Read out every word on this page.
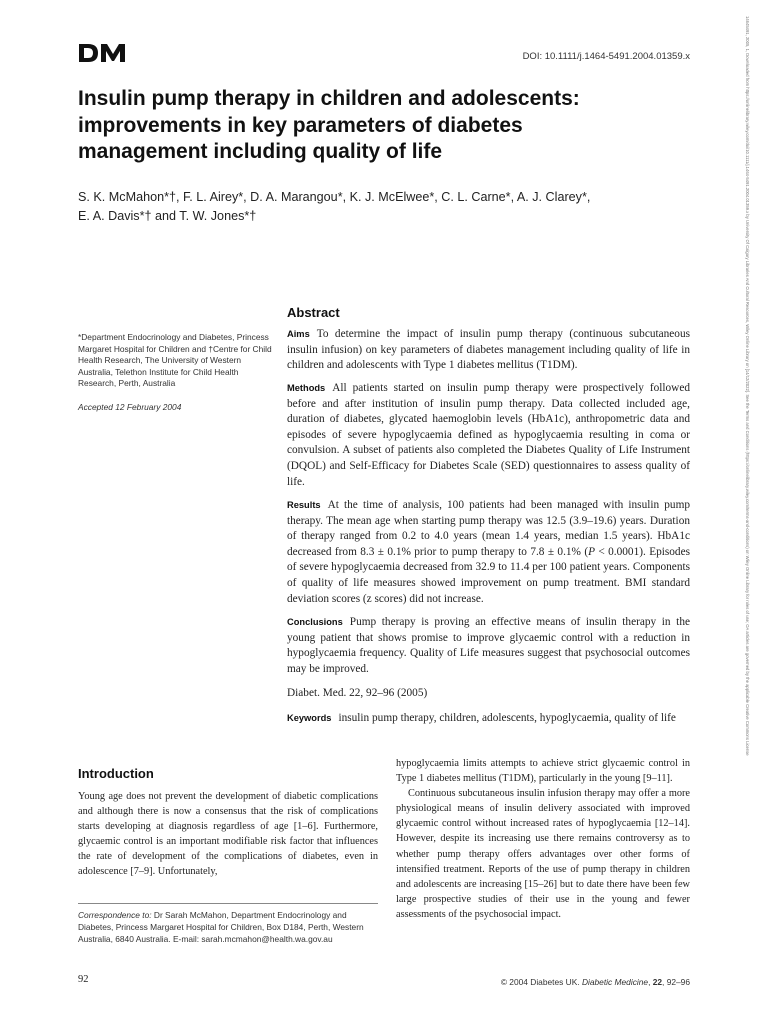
DOI: 10.1111/j.1464-5491.2004.01359.x
Insulin pump therapy in children and adolescents:
improvements in key parameters of diabetes
management including quality of life
S. K. McMahon*†, F. L. Airey*, D. A. Marangou*, K. J. McElwee*, C. L. Carne*, A. J. Clarey*,
E. A. Davis*† and T. W. Jones*†
*Department Endocrinology and Diabetes, Princess Margaret Hospital for Children and †Centre for Child Health Research, The University of Western Australia, Telethon Institute for Child Health Research, Perth, Australia
Accepted 12 February 2004
Abstract
Aims To determine the impact of insulin pump therapy (continuous subcutaneous insulin infusion) on key parameters of diabetes management including quality of life in children and adolescents with Type 1 diabetes mellitus (T1DM).
Methods All patients started on insulin pump therapy were prospectively followed before and after institution of insulin pump therapy. Data collected included age, duration of diabetes, glycated haemoglobin levels (HbA1c), anthropometric data and episodes of severe hypoglycaemia defined as hypoglycaemia resulting in coma or convulsion. A subset of patients also completed the Diabetes Quality of Life Instrument (DQOL) and Self-Efficacy for Diabetes Scale (SED) questionnaires to assess quality of life.
Results At the time of analysis, 100 patients had been managed with insulin pump therapy. The mean age when starting pump therapy was 12.5 (3.9–19.6) years. Duration of therapy ranged from 0.2 to 4.0 years (mean 1.4 years, median 1.5 years). HbA1c decreased from 8.3 ± 0.1% prior to pump therapy to 7.8 ± 0.1% (P < 0.0001). Episodes of severe hypoglycaemia decreased from 32.9 to 11.4 per 100 patient years. Components of quality of life measures showed improvement on pump treatment. BMI standard deviation scores (z scores) did not increase.
Conclusions Pump therapy is proving an effective means of insulin therapy in the young patient that shows promise to improve glycaemic control with a reduction in hypoglycaemia frequency. Quality of Life measures suggest that psychosocial outcomes may be improved.
Diabet. Med. 22, 92–96 (2005)
Keywords insulin pump therapy, children, adolescents, hypoglycaemia, quality of life
Introduction
Young age does not prevent the development of diabetic complications and although there is now a consensus that the risk of complications starts developing at diagnosis regardless of age [1–6]. Furthermore, glycaemic control is an important modifiable risk factor that influences the rate of development of the complications of diabetes, even in adolescence [7–9]. Unfortunately,

hypoglycaemia limits attempts to achieve strict glycaemic control in Type 1 diabetes mellitus (T1DM), particularly in the young [9–11].

Continuous subcutaneous insulin infusion therapy may offer a more physiological means of insulin delivery associated with improved glycaemic control without increased rates of hypoglycaemia [12–14]. However, despite its increasing use there remains controversy as to whether pump therapy offers advantages over other forms of intensified treatment. Reports of the use of pump therapy in children and adolescents are increasing [15–26] but to date there have been few large prospective studies of their use in the young and fewer assessments of the psychosocial impact.

Correspondence to: Dr Sarah McMahon, Department Endocrinology and Diabetes, Princess Margaret Hospital for Children, Box D184, Perth, Western Australia, 6840 Australia. E-mail: sarah.mcmahon@health.wa.gov.au
92	© 2004 Diabetes UK. Diabetic Medicine, 22, 92–96
14645491, 2005, 1, Downloaded from https://onlinelibrary.wiley.com/doi/10.1111/j.1464-5491.2004.01359.x by University Of Calgary Libraries And Cultural Resources, Wiley Online Library on [14/12/2022]. See the Terms and Conditions (https://onlinelibrary.wiley.com/terms-and-conditions) on Wiley Online Library for rules of use; OA articles are governed by the applicable Creative Commons License
